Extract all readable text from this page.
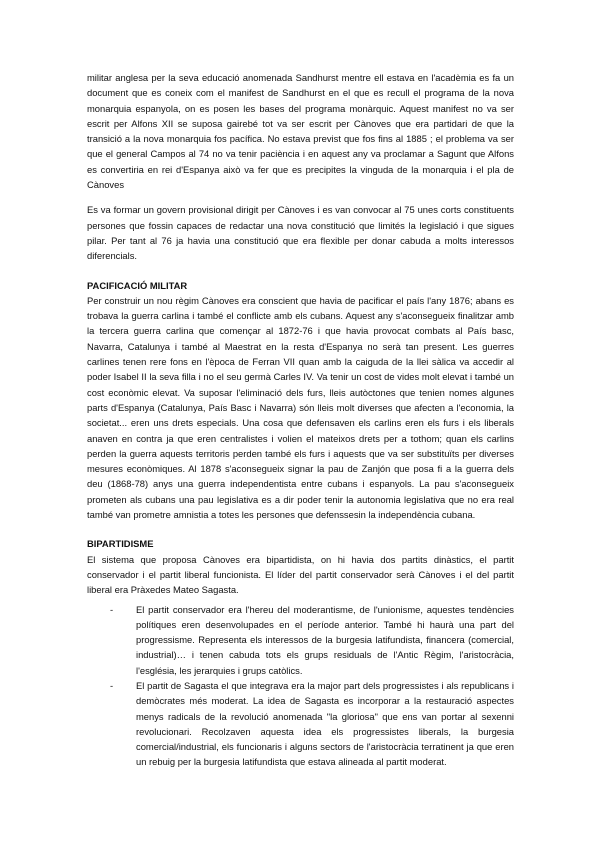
militar anglesa per la seva educació anomenada Sandhurst mentre ell estava en l'acadèmia es fa un document que es coneix com el manifest de Sandhurst en el que es recull el programa de la nova monarquia espanyola, on es posen les bases del programa monàrquic. Aquest manifest no va ser escrit per Alfons XII se suposa gairebé tot va ser escrit per Cànoves que era partidari de que la transició a la nova monarquia fos pacífica. No estava previst que fos fins al 1885 ; el problema va ser que el general Campos al 74 no va tenir paciència i en aquest any va proclamar a Sagunt que Alfons es convertiria en rei d'Espanya això va fer que es precipites la vinguda de la monarquia i el pla de Cànoves

Es va formar un govern provisional dirigit per Cànoves i es van convocar al 75 unes corts constituents persones que fossin capaces de redactar una nova constitució que limités la legislació i que sigues pilar. Per tant al 76 ja havia una constitució que era flexible per donar cabuda a molts interessos diferencials.

PACIFICACIÓ MILITAR

Per construir un nou règim Cànoves era conscient que havia de pacificar el país l'any 1876; abans es trobava la guerra carlina i també el conflicte amb els cubans. Aquest any s'aconsegueix finalitzar amb la tercera guerra carlina que començar al 1872-76 i que havia provocat combats al País basc, Navarra, Catalunya i també al Maestrat en la resta d'Espanya no serà tan present. Les guerres carlines tenen rere fons en l'època de Ferran VII quan amb la caiguda de la llei sàlica va accedir al poder Isabel II la seva filla i no el seu germà Carles IV. Va tenir un cost de vides molt elevat i també un cost econòmic elevat. Va suposar l'eliminació dels furs, lleis autòctones que tenien nomes algunes parts d'Espanya (Catalunya, País Basc i Navarra) són lleis molt diverses que afecten a l'economia, la societat... eren uns drets especials. Una cosa que defensaven els carlins eren els furs i els liberals anaven en contra ja que eren centralistes i volien el mateixos drets per a tothom; quan els carlins perden la guerra aquests territoris perden també els furs i aquests que va ser substituïts per diverses mesures econòmiques. Al 1878 s'aconsegueix signar la pau de Zanjón que posa fi a la guerra dels deu (1868-78) anys una guerra independentista entre cubans i espanyols. La pau s'aconsegueix prometen als cubans una pau legislativa es a dir poder tenir la autonomia legislativa que no era real també van prometre amnistia a totes les persones que defenssesin la independència cubana.

BIPARTIDISME

El sistema que proposa Cànoves era bipartidista, on hi havia dos partits dinàstics, el partit conservador i el partit liberal funcionista. El líder del partit conservador serà Cànoves i el del partit liberal era Pràxedes Mateo Sagasta.

- El partit conservador era l'hereu del moderantisme, de l'unionisme, aquestes tendències polítiques eren desenvolupades en el període anterior. També hi haurà una part del progressisme. Representa els interessos de la burgesia latifundista, financera (comercial, industrial)… i tenen cabuda tots els grups residuals de l'Antic Règim, l'aristocràcia, l'església, les jerarquies i grups catòlics.
- El partit de Sagasta el que integrava era la major part dels progressistes i als republicans i demòcrates més moderat. La idea de Sagasta es incorporar a la restauració aspectes menys radicals de la revolució anomenada "la gloriosa" que ens van portar al sexenni revolucionari. Recolzaven aquesta idea els progressistes liberals, la burgesia comercial/industrial, els funcionaris i alguns sectors de l'aristocràcia terratinent ja que eren un rebuig per la burgesia latifundista que estava alineada al partit moderat.
